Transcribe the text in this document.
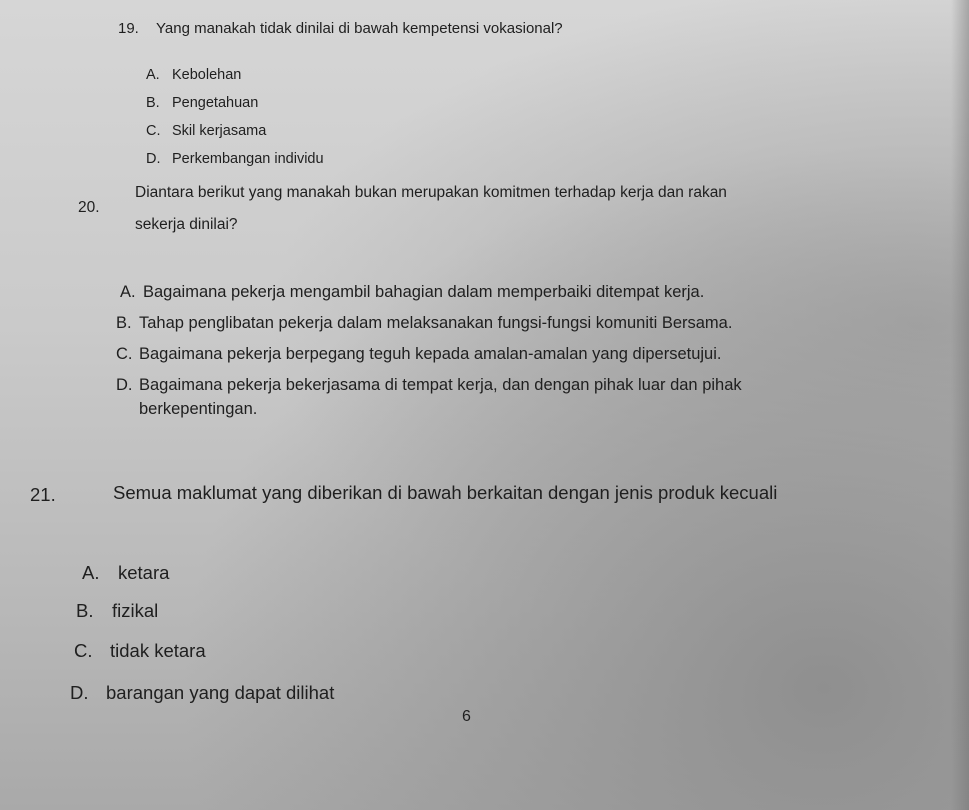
19. Yang manakah tidak dinilai di bawah kempetensi vokasional?
A. Kebolehan
B. Pengetahuan
C. Skil kerjasama
D. Perkembangan individu
20.
Diantara berikut yang manakah bukan merupakan komitmen terhadap kerja dan rakan
sekerja dinilai?
A. Bagaimana pekerja mengambil bahagian dalam memperbaiki ditempat kerja.
B. Tahap penglibatan pekerja dalam melaksanakan fungsi-fungsi komuniti Bersama.
C. Bagaimana pekerja berpegang teguh kepada amalan-amalan yang dipersetujui.
D. Bagaimana pekerja bekerjasama di tempat kerja, dan dengan pihak luar dan pihak
berkepentingan.
21.	Semua maklumat yang diberikan di bawah berkaitan dengan jenis produk kecuali
A. ketara
B. fizikal
C. tidak ketara
D. barangan yang dapat dilihat
6
